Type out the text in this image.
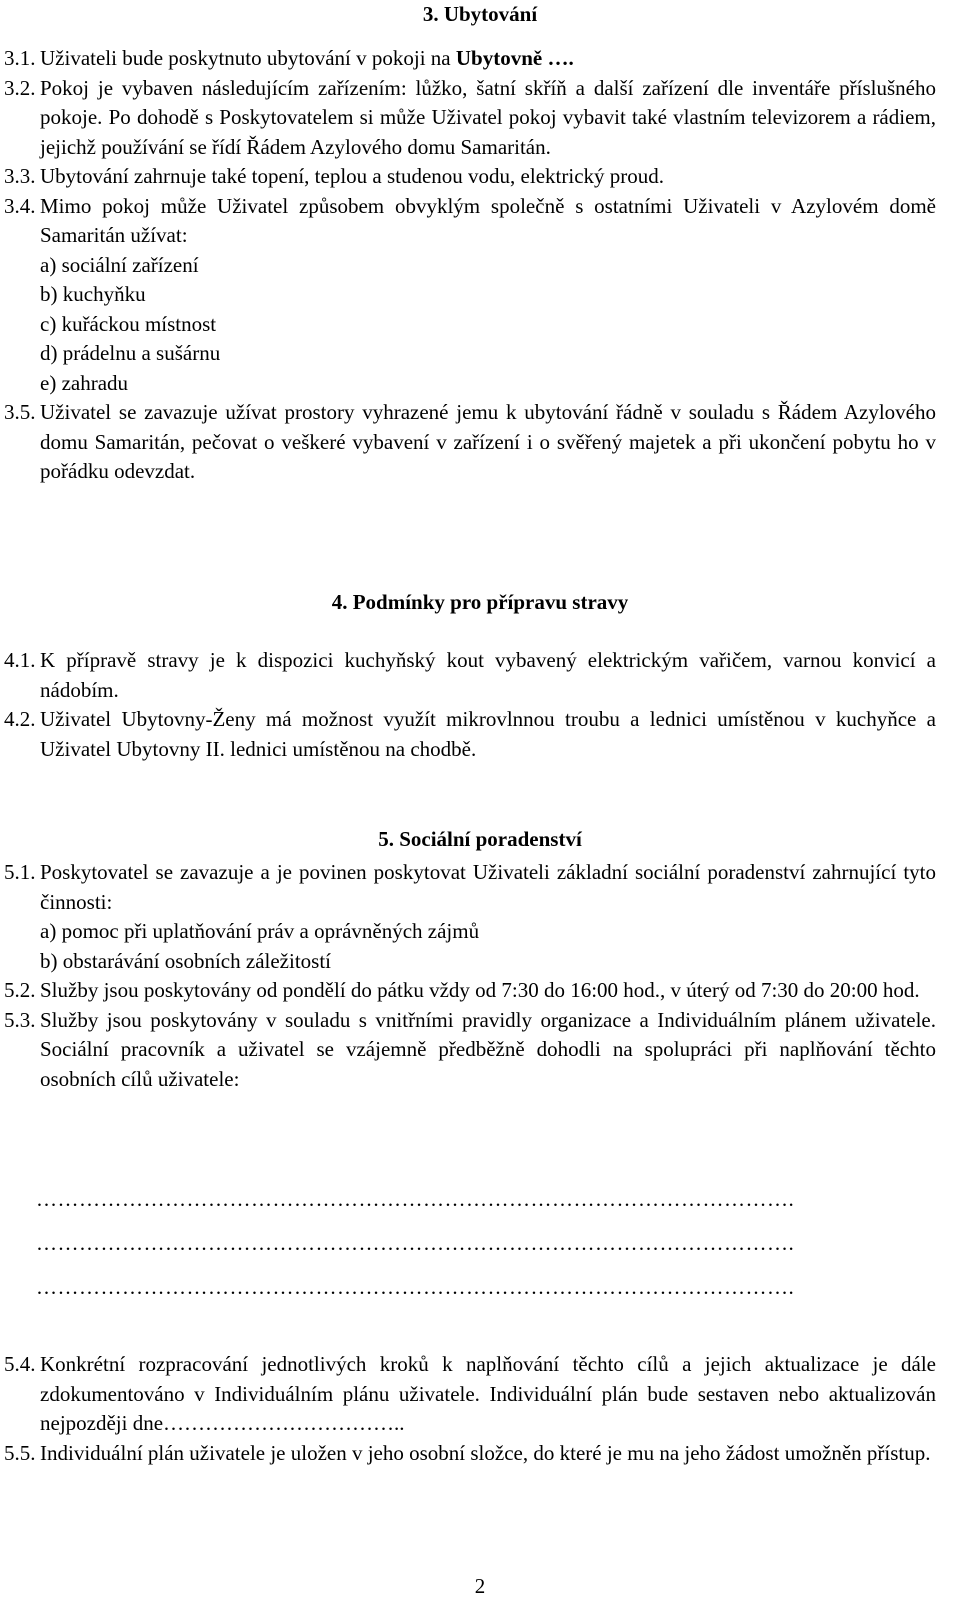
3. Ubytování
3.1. Uživateli bude poskytnuto ubytování v pokoji na Ubytovně ….
3.2. Pokoj je vybaven následujícím zařízením: lůžko, šatní skříň a další zařízení dle inventáře příslušného pokoje. Po dohodě s Poskytovatelem si může Uživatel pokoj vybavit také vlastním televizorem a rádiem, jejichž používání se řídí Řádem Azylového domu Samaritán.
3.3. Ubytování zahrnuje také topení, teplou a studenou vodu, elektrický proud.
3.4. Mimo pokoj může Uživatel způsobem obvyklým společně s ostatními Uživateli v Azylovém domě Samaritán užívat:
a) sociální zařízení
b) kuchyňku
c) kuřáckou místnost
d) prádelnu a sušárnu
e) zahradu
3.5. Uživatel se zavazuje užívat prostory vyhrazené jemu k ubytování řádně v souladu s Řádem Azylového domu Samaritán, pečovat o veškeré vybavení v zařízení i o svěřený majetek a při ukončení pobytu ho v pořádku odevzdat.
4. Podmínky pro přípravu stravy
4.1. K přípravě stravy je k dispozici kuchyňský kout vybavený elektrickým vařičem, varnou konvicí a nádobím.
4.2. Uživatel Ubytovny-Ženy má možnost využít mikrovlnnou troubu a lednici umístěnou v kuchyňce a Uživatel Ubytovny II. lednici umístěnou na chodbě.
5. Sociální poradenství
5.1. Poskytovatel se zavazuje a je povinen poskytovat Uživateli základní sociální poradenství zahrnující tyto činnosti:
a) pomoc při uplatňování práv a oprávněných zájmů
b) obstarávání osobních záležitostí
5.2. Služby jsou poskytovány od pondělí do pátku vždy od 7:30 do 16:00 hod., v úterý od 7:30 do 20:00 hod.
5.3. Služby jsou poskytovány v souladu s vnitřními pravidly organizace a Individuálním plánem uživatele. Sociální pracovník a uživatel se vzájemně předběžně dohodli na spolupráci při naplňování těchto osobních cílů uživatele:
…………………………………………………………………………………………….
…………………………………………………………………………………………….
…………………………………………………………………………………………….
5.4. Konkrétní rozpracování jednotlivých kroků k naplňování těchto cílů a jejich aktualizace je dále zdokumentováno v Individuálním plánu uživatele. Individuální plán bude sestaven nebo aktualizován nejpozději dne……………………………..
5.5. Individuální plán uživatele je uložen v jeho osobní složce, do které je mu na jeho žádost umožněn přístup.
2
